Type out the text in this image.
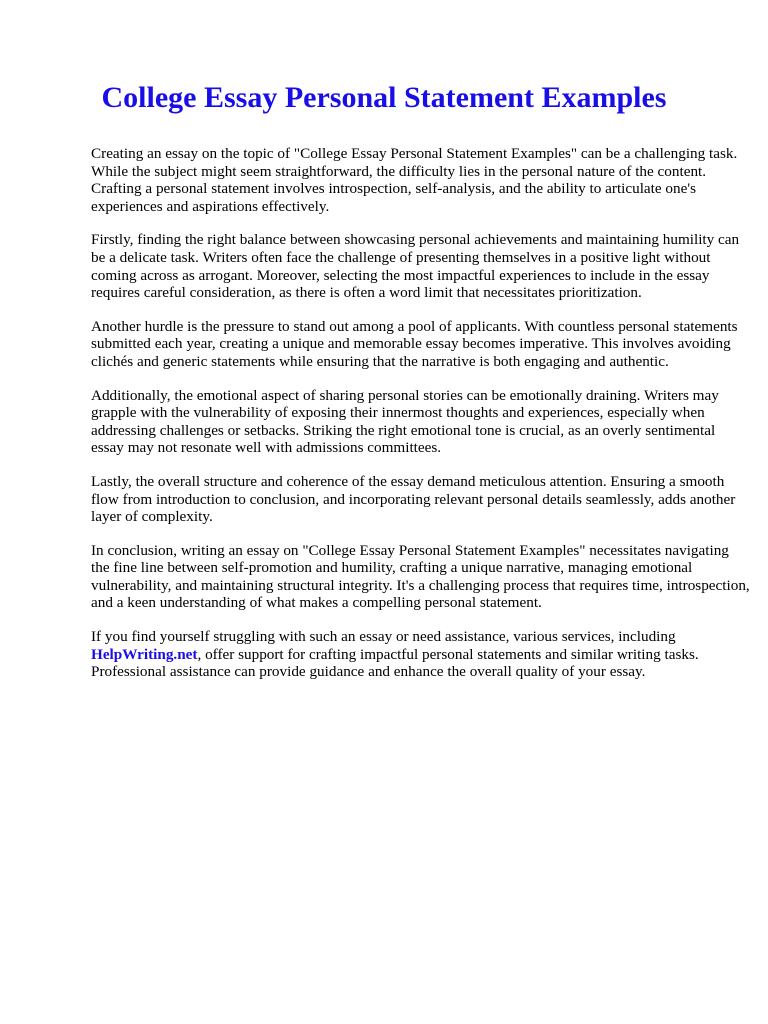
College Essay Personal Statement Examples

Creating an essay on the topic of "College Essay Personal Statement Examples" can be a challenging task. While the subject might seem straightforward, the difficulty lies in the personal nature of the content. Crafting a personal statement involves introspection, self-analysis, and the ability to articulate one's experiences and aspirations effectively.

Firstly, finding the right balance between showcasing personal achievements and maintaining humility can be a delicate task. Writers often face the challenge of presenting themselves in a positive light without coming across as arrogant. Moreover, selecting the most impactful experiences to include in the essay requires careful consideration, as there is often a word limit that necessitates prioritization.

Another hurdle is the pressure to stand out among a pool of applicants. With countless personal statements submitted each year, creating a unique and memorable essay becomes imperative. This involves avoiding clichés and generic statements while ensuring that the narrative is both engaging and authentic.

Additionally, the emotional aspect of sharing personal stories can be emotionally draining. Writers may grapple with the vulnerability of exposing their innermost thoughts and experiences, especially when addressing challenges or setbacks. Striking the right emotional tone is crucial, as an overly sentimental essay may not resonate well with admissions committees.

Lastly, the overall structure and coherence of the essay demand meticulous attention. Ensuring a smooth flow from introduction to conclusion, and incorporating relevant personal details seamlessly, adds another layer of complexity.

In conclusion, writing an essay on "College Essay Personal Statement Examples" necessitates navigating the fine line between self-promotion and humility, crafting a unique narrative, managing emotional vulnerability, and maintaining structural integrity. It's a challenging process that requires time, introspection, and a keen understanding of what makes a compelling personal statement.

If you find yourself struggling with such an essay or need assistance, various services, including HelpWriting.net, offer support for crafting impactful personal statements and similar writing tasks. Professional assistance can provide guidance and enhance the overall quality of your essay.
